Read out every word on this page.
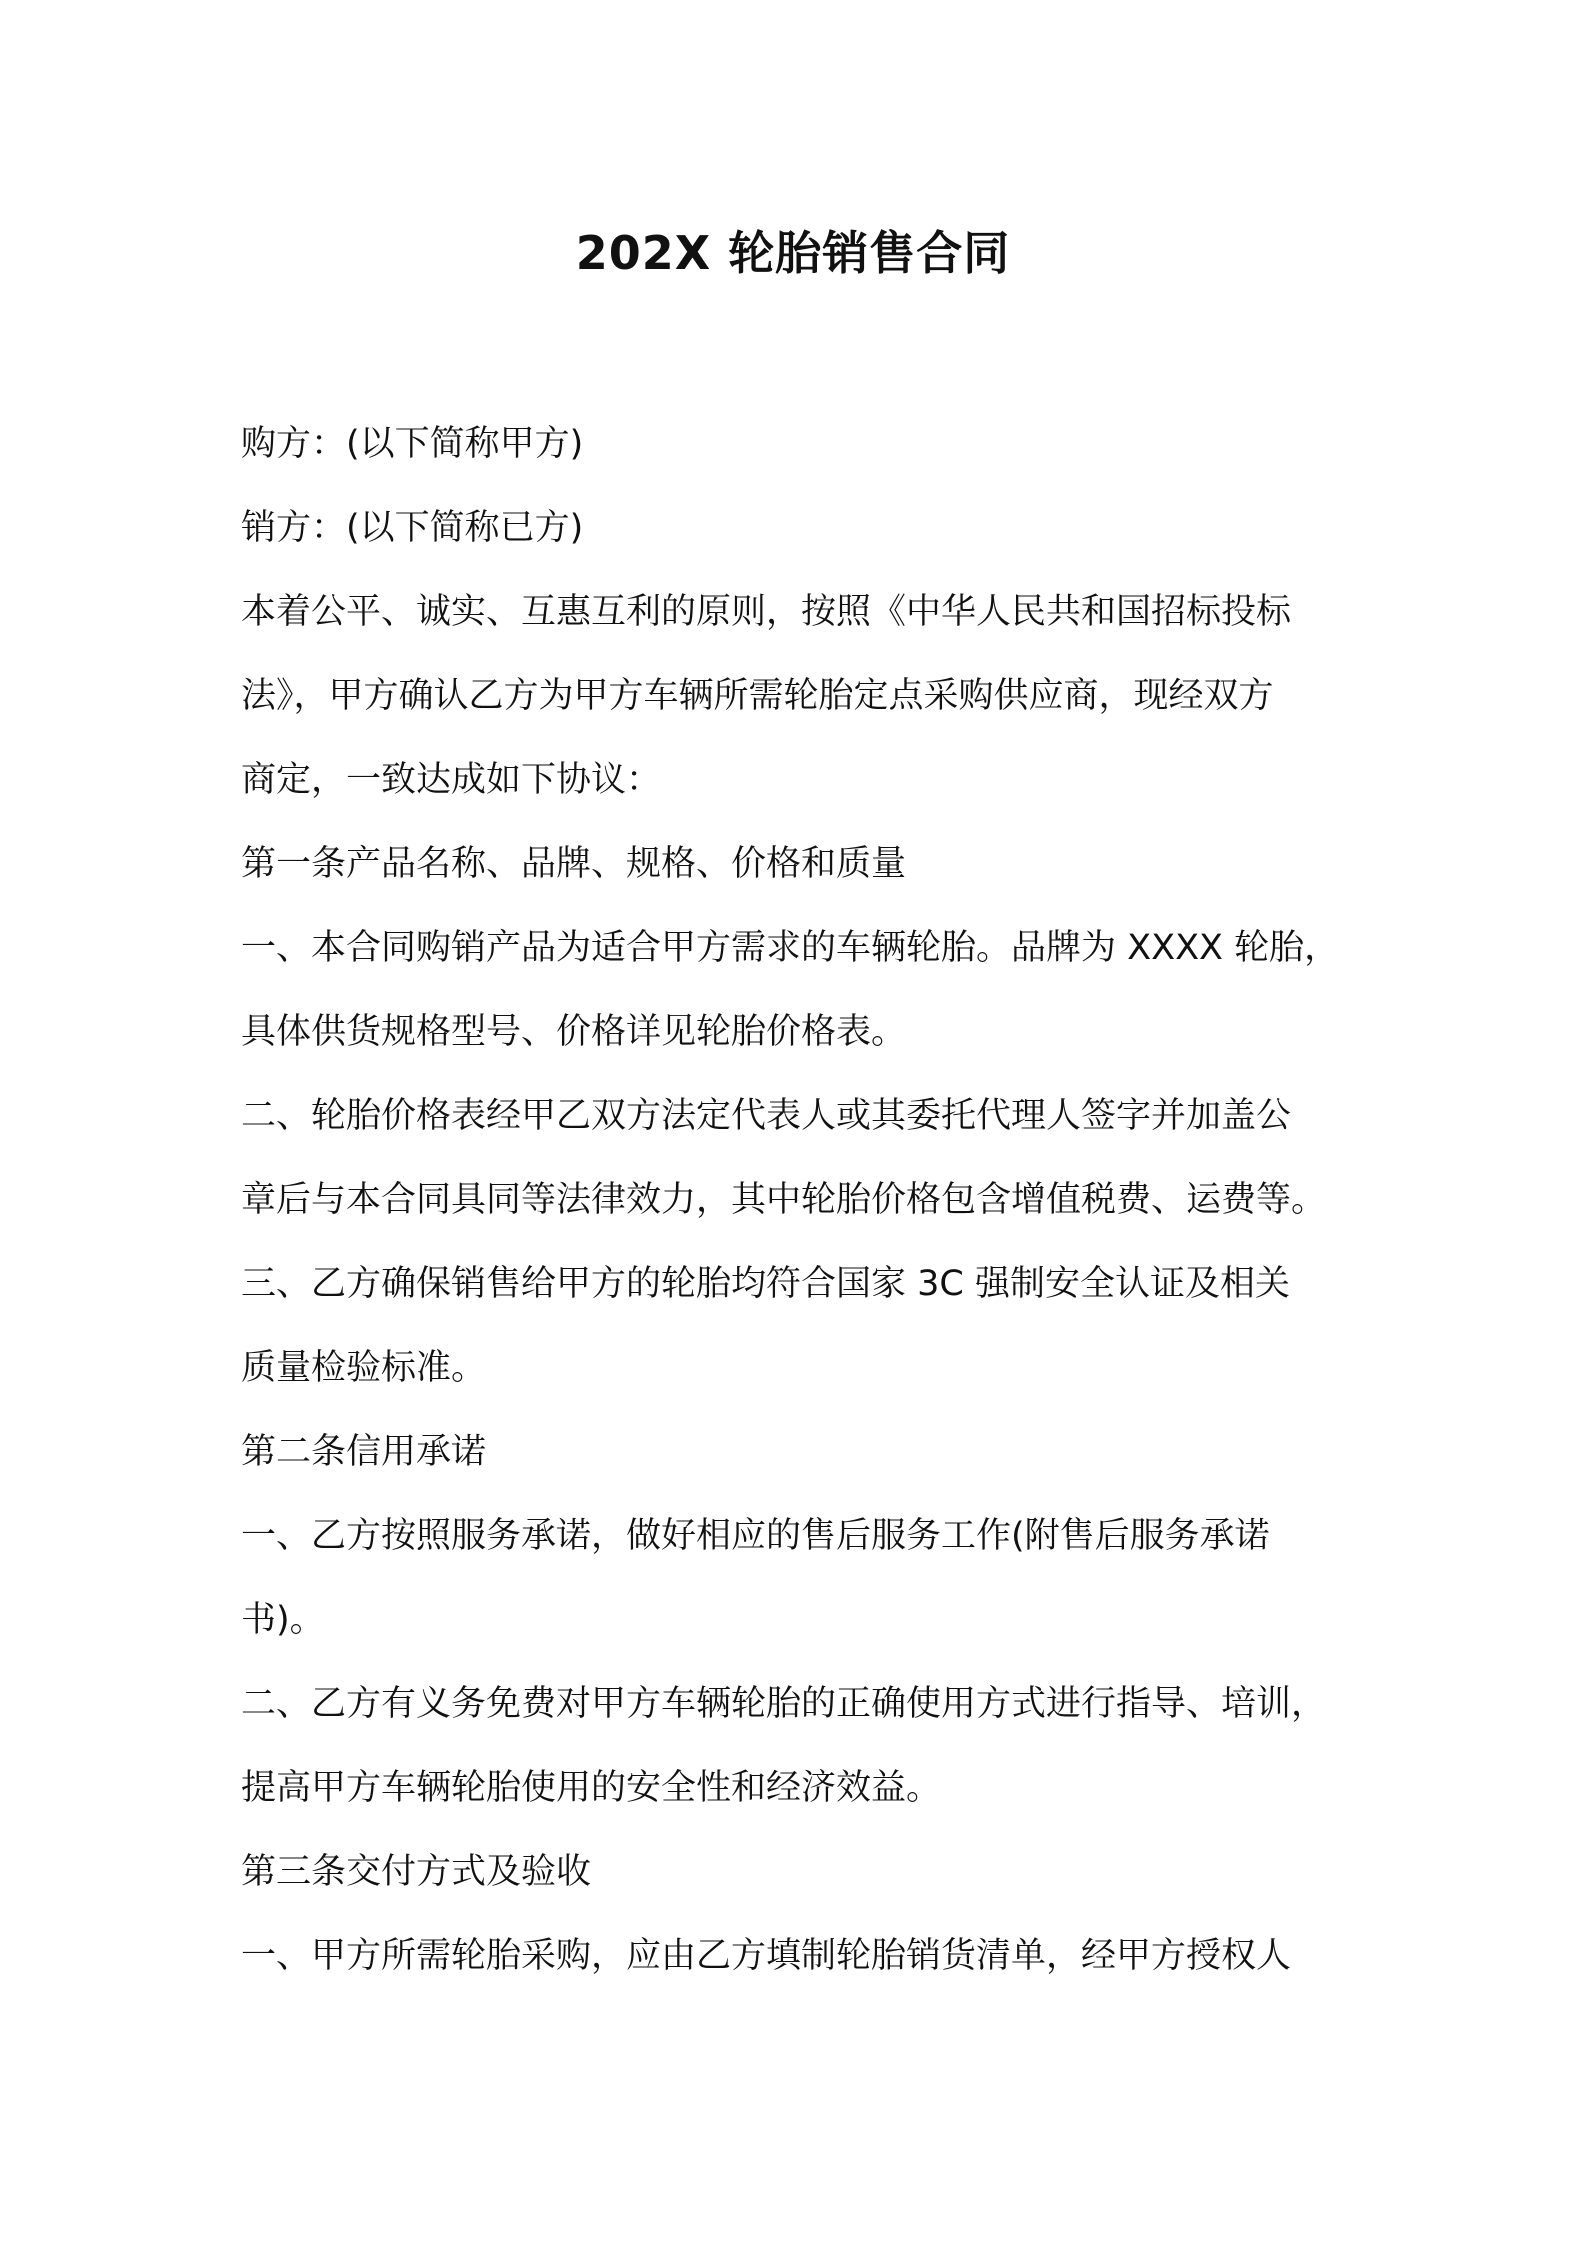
202X 轮胎销售合同
购方：(以下简称甲方)
销方：(以下简称已方)
本着公平、诚实、互惠互利的原则，按照《中华人民共和国招标投标
法》，甲方确认乙方为甲方车辆所需轮胎定点采购供应商，现经双方
商定，一致达成如下协议：
第一条产品名称、品牌、规格、价格和质量
一、本合同购销产品为适合甲方需求的车辆轮胎。品牌为 XXXX 轮胎，
具体供货规格型号、价格详见轮胎价格表。
二、轮胎价格表经甲乙双方法定代表人或其委托代理人签字并加盖公
章后与本合同具同等法律效力，其中轮胎价格包含增值税费、运费等。
三、乙方确保销售给甲方的轮胎均符合国家 3C 强制安全认证及相关
质量检验标准。
第二条信用承诺
一、乙方按照服务承诺，做好相应的售后服务工作(附售后服务承诺
书)。
二、乙方有义务免费对甲方车辆轮胎的正确使用方式进行指导、培训，
提高甲方车辆轮胎使用的安全性和经济效益。
第三条交付方式及验收
一、甲方所需轮胎采购，应由乙方填制轮胎销货清单，经甲方授权人
